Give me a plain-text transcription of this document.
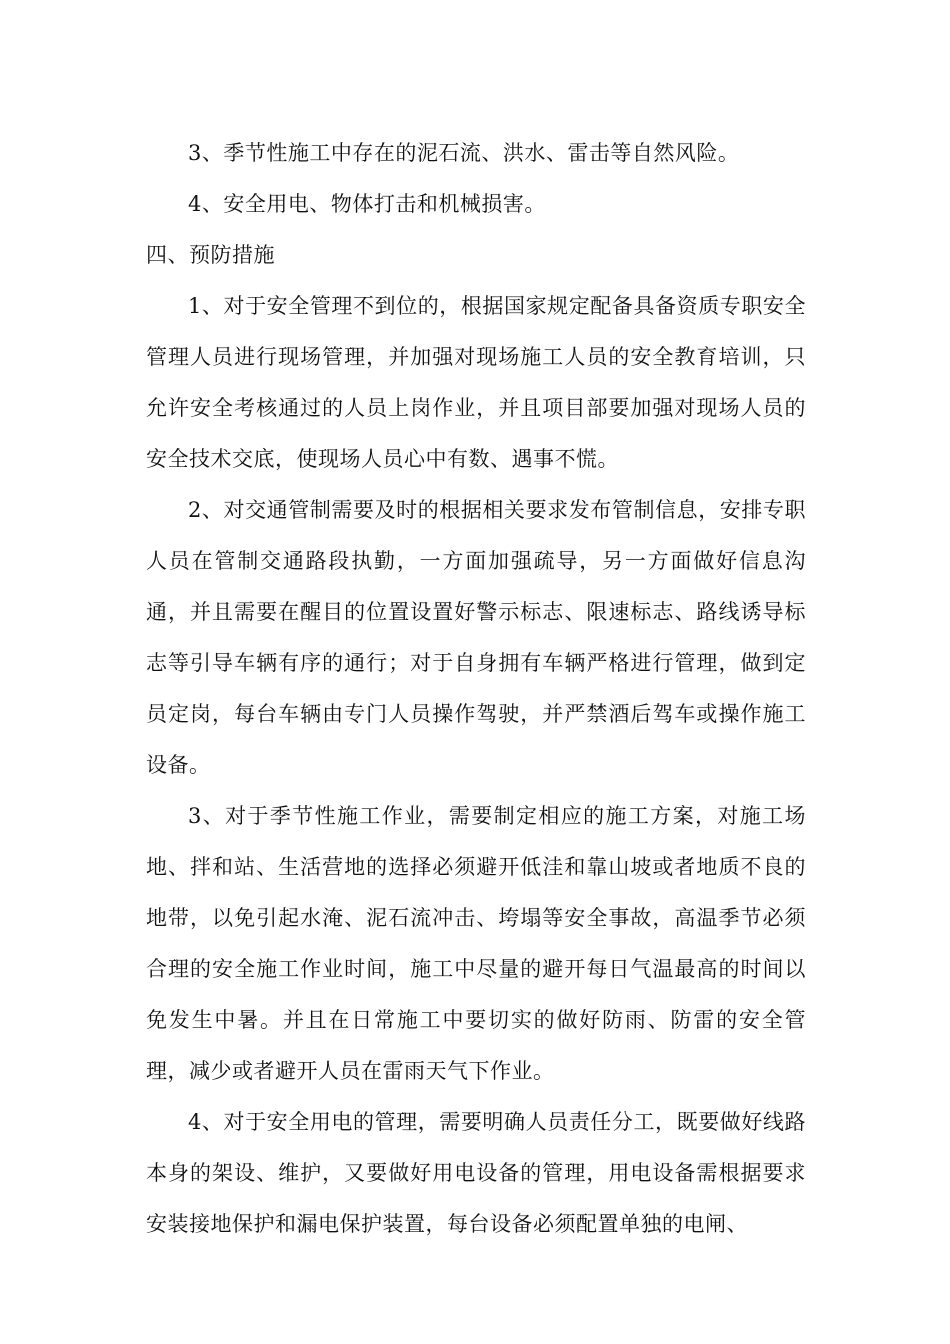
3、季节性施工中存在的泥石流、洪水、雷击等自然风险。

4、安全用电、物体打击和机械损害。

四、预防措施

1、对于安全管理不到位的，根据国家规定配备具备资质专职安全管理人员进行现场管理，并加强对现场施工人员的安全教育培训，只允许安全考核通过的人员上岗作业，并且项目部要加强对现场人员的安全技术交底，使现场人员心中有数、遇事不慌。

2、对交通管制需要及时的根据相关要求发布管制信息，安排专职人员在管制交通路段执勤，一方面加强疏导，另一方面做好信息沟通，并且需要在醒目的位置设置好警示标志、限速标志、路线诱导标志等引导车辆有序的通行；对于自身拥有车辆严格进行管理，做到定员定岗，每台车辆由专门人员操作驾驶，并严禁酒后驾车或操作施工设备。

3、对于季节性施工作业，需要制定相应的施工方案，对施工场地、拌和站、生活营地的选择必须避开低洼和靠山坡或者地质不良的地带，以免引起水淹、泥石流冲击、垮塌等安全事故，高温季节必须合理的安全施工作业时间，施工中尽量的避开每日气温最高的时间以免发生中暑。并且在日常施工中要切实的做好防雨、防雷的安全管理，减少或者避开人员在雷雨天气下作业。

4、对于安全用电的管理，需要明确人员责任分工，既要做好线路本身的架设、维护，又要做好用电设备的管理，用电设备需根据要求安装接地保护和漏电保护装置，每台设备必须配置单独的电闸、
